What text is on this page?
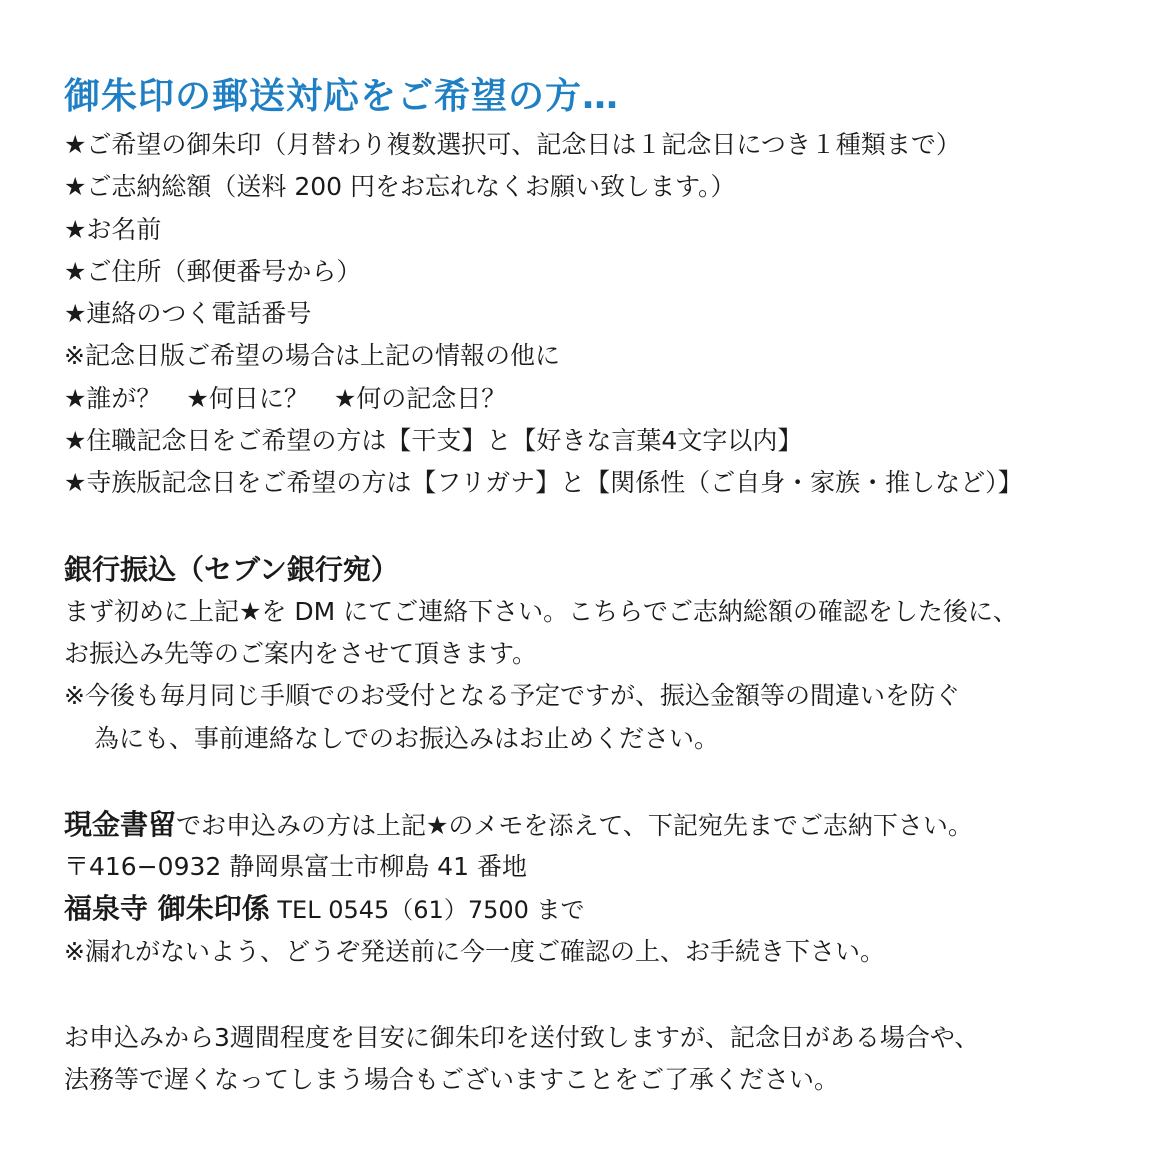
御朱印の郵送対応をご希望の方…
★ご希望の御朱印（月替わり複数選択可、記念日は１記念日につき１種類まで）
★ご志納総額（送料 200 円をお忘れなくお願い致します。）
★お名前
★ご住所（郵便番号から）
★連絡のつく電話番号
※記念日版ご希望の場合は上記の情報の他に
★誰が？　★何日に？　★何の記念日？
★住職記念日をご希望の方は【干支】と【好きな言葉4文字以内】
★寺族版記念日をご希望の方は【フリガナ】と【関係性（ご自身・家族・推しなど）】
銀行振込（セブン銀行宛）
まず初めに上記★を DM にてご連絡下さい。こちらでご志納総額の確認をした後に、
お振込み先等のご案内をさせて頂きます。
※今後も毎月同じ手順でのお受付となる予定ですが、振込金額等の間違いを防ぐ
為にも、事前連絡なしでのお振込みはお止めください。
現金書留でお申込みの方は上記★のメモを添えて、下記宛先までご志納下さい。
〒416−0932 静岡県富士市柳島 41 番地
福泉寺 御朱印係 TEL 0545（61）7500 まで
※漏れがないよう、どうぞ発送前に今一度ご確認の上、お手続き下さい。
お申込みから3週間程度を目安に御朱印を送付致しますが、記念日がある場合や、
法務等で遅くなってしまう場合もございますことをご了承ください。
